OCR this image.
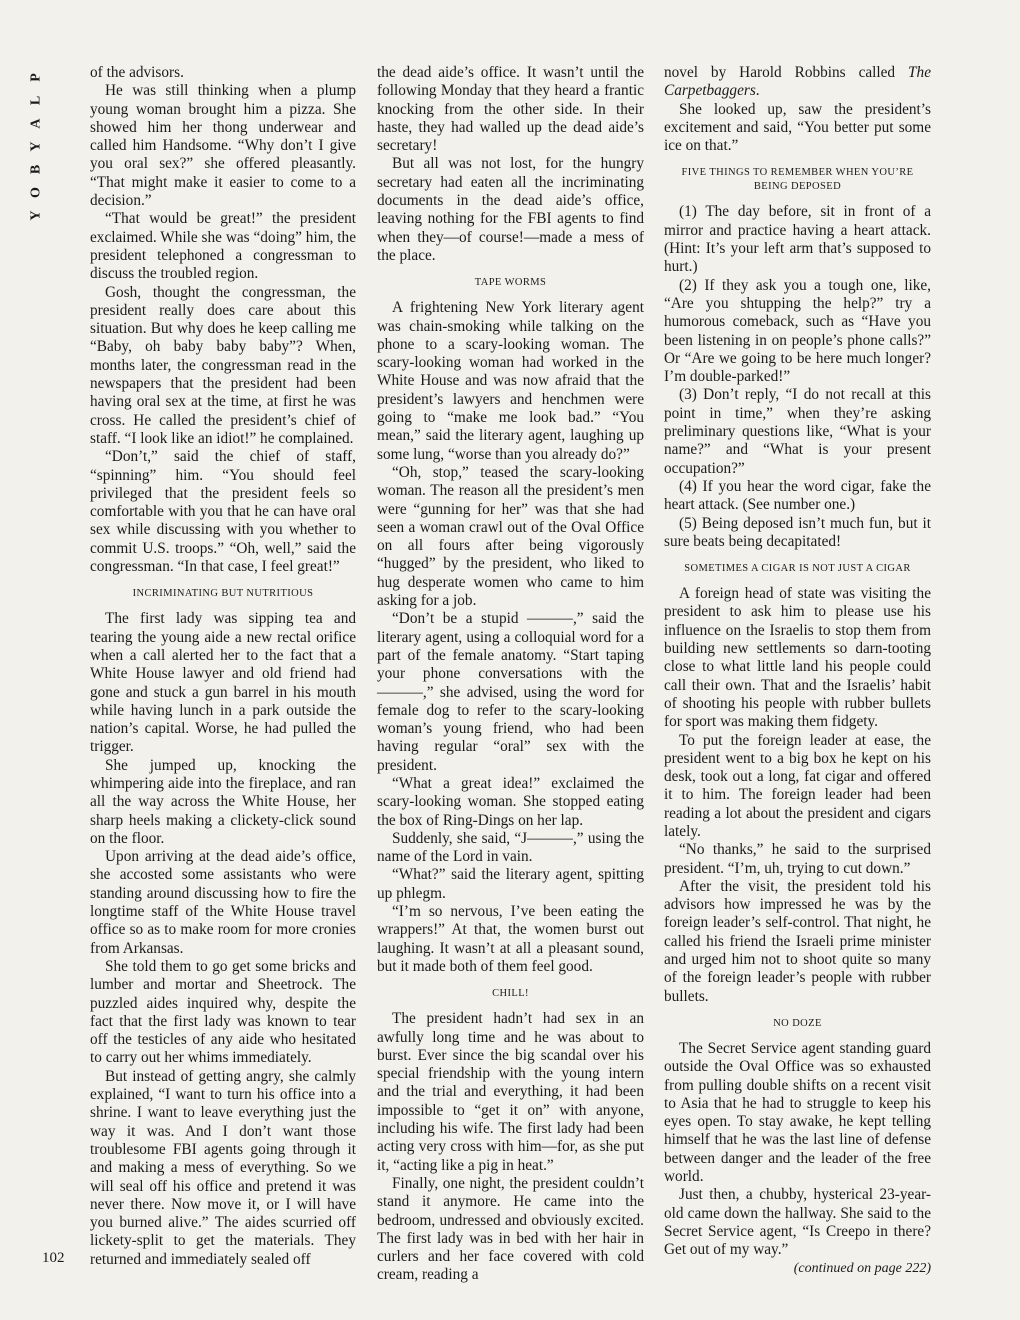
P
L
A
Y
B
O
Y
102

of the advisors.

He was still thinking when a plump young woman brought him a pizza. She showed him her thong underwear and called him Handsome. “Why don’t I give you oral sex?” she offered pleasantly. “That might make it easier to come to a decision.”

“That would be great!” the president exclaimed. While she was “doing” him, the president telephoned a congressman to discuss the troubled region.

Gosh, thought the congressman, the president really does care about this situation. But why does he keep calling me “Baby, oh baby baby baby”? When, months later, the congressman read in the newspapers that the president had been having oral sex at the time, at first he was cross. He called the president’s chief of staff. “I look like an idiot!” he complained.

“Don’t,” said the chief of staff, “spinning” him. “You should feel privileged that the president feels so comfortable with you that he can have oral sex while discussing with you whether to commit U.S. troops.” “Oh, well,” said the congressman. “In that case, I feel great!”

INCRIMINATING BUT NUTRITIOUS

The first lady was sipping tea and tearing the young aide a new rectal orifice when a call alerted her to the fact that a White House lawyer and old friend had gone and stuck a gun barrel in his mouth while having lunch in a park outside the nation’s capital. Worse, he had pulled the trigger.

She jumped up, knocking the whimpering aide into the fireplace, and ran all the way across the White House, her sharp heels making a clickety-click sound on the floor.

Upon arriving at the dead aide’s office, she accosted some assistants who were standing around discussing how to fire the longtime staff of the White House travel office so as to make room for more cronies from Arkansas.

She told them to go get some bricks and lumber and mortar and Sheetrock. The puzzled aides inquired why, despite the fact that the first lady was known to tear off the testicles of any aide who hesitated to carry out her whims immediately.

But instead of getting angry, she calmly explained, “I want to turn his office into a shrine. I want to leave everything just the way it was. And I don’t want those troublesome FBI agents going through it and making a mess of everything. So we will seal off his office and pretend it was never there. Now move it, or I will have you burned alive.” The aides scurried off lickety-split to get the materials. They returned and immediately sealed off

the dead aide’s office. It wasn’t until the following Monday that they heard a frantic knocking from the other side. In their haste, they had walled up the dead aide’s secretary!

But all was not lost, for the hungry secretary had eaten all the incriminating documents in the dead aide’s office, leaving nothing for the FBI agents to find when they—of course!—made a mess of the place.

TAPE WORMS

A frightening New York literary agent was chain-smoking while talking on the phone to a scary-looking woman. The scary-looking woman had worked in the White House and was now afraid that the president’s lawyers and henchmen were going to “make me look bad.” “You mean,” said the literary agent, laughing up some lung, “worse than you already do?”

“Oh, stop,” teased the scary-looking woman. The reason all the president’s men were “gunning for her” was that she had seen a woman crawl out of the Oval Office on all fours after being vigorously “hugged” by the president, who liked to hug desperate women who came to him asking for a job.

“Don’t be a stupid ———,” said the literary agent, using a colloquial word for a part of the female anatomy. “Start taping your phone conversations with the ———,” she advised, using the word for female dog to refer to the scary-looking woman’s young friend, who had been having regular “oral” sex with the president.

“What a great idea!” exclaimed the scary-looking woman. She stopped eating the box of Ring-Dings on her lap.

Suddenly, she said, “J———,” using the name of the Lord in vain.

“What?” said the literary agent, spitting up phlegm.

“I’m so nervous, I’ve been eating the wrappers!” At that, the women burst out laughing. It wasn’t at all a pleasant sound, but it made both of them feel good.

CHILL!

The president hadn’t had sex in an awfully long time and he was about to burst. Ever since the big scandal over his special friendship with the young intern and the trial and everything, it had been impossible to “get it on” with anyone, including his wife. The first lady had been acting very cross with him—for, as she put it, “acting like a pig in heat.”

Finally, one night, the president couldn’t stand it anymore. He came into the bedroom, undressed and obviously excited. The first lady was in bed with her hair in curlers and her face covered with cold cream, reading a

novel by Harold Robbins called The Carpetbaggers.

She looked up, saw the president’s excitement and said, “You better put some ice on that.”

FIVE THINGS TO REMEMBER WHEN YOU’RE BEING DEPOSED

(1) The day before, sit in front of a mirror and practice having a heart attack. (Hint: It’s your left arm that’s supposed to hurt.)

(2) If they ask you a tough one, like, “Are you shtupping the help?” try a humorous comeback, such as “Have you been listening in on people’s phone calls?” Or “Are we going to be here much longer? I’m double-parked!”

(3) Don’t reply, “I do not recall at this point in time,” when they’re asking preliminary questions like, “What is your name?” and “What is your present occupation?”

(4) If you hear the word cigar, fake the heart attack. (See number one.)

(5) Being deposed isn’t much fun, but it sure beats being decapitated!

SOMETIMES A CIGAR IS NOT JUST A CIGAR

A foreign head of state was visiting the president to ask him to please use his influence on the Israelis to stop them from building new settlements so darn-tooting close to what little land his people could call their own. That and the Israelis’ habit of shooting his people with rubber bullets for sport was making them fidgety.

To put the foreign leader at ease, the president went to a big box he kept on his desk, took out a long, fat cigar and offered it to him. The foreign leader had been reading a lot about the president and cigars lately.

“No thanks,” he said to the surprised president. “I’m, uh, trying to cut down.”

After the visit, the president told his advisors how impressed he was by the foreign leader’s self-control. That night, he called his friend the Israeli prime minister and urged him not to shoot quite so many of the foreign leader’s people with rubber bullets.

NO DOZE

The Secret Service agent standing guard outside the Oval Office was so exhausted from pulling double shifts on a recent visit to Asia that he had to struggle to keep his eyes open. To stay awake, he kept telling himself that he was the last line of defense between danger and the leader of the free world.

Just then, a chubby, hysterical 23-year-old came down the hallway. She said to the Secret Service agent, “Is Creepo in there? Get out of my way.”

(continued on page 222)
